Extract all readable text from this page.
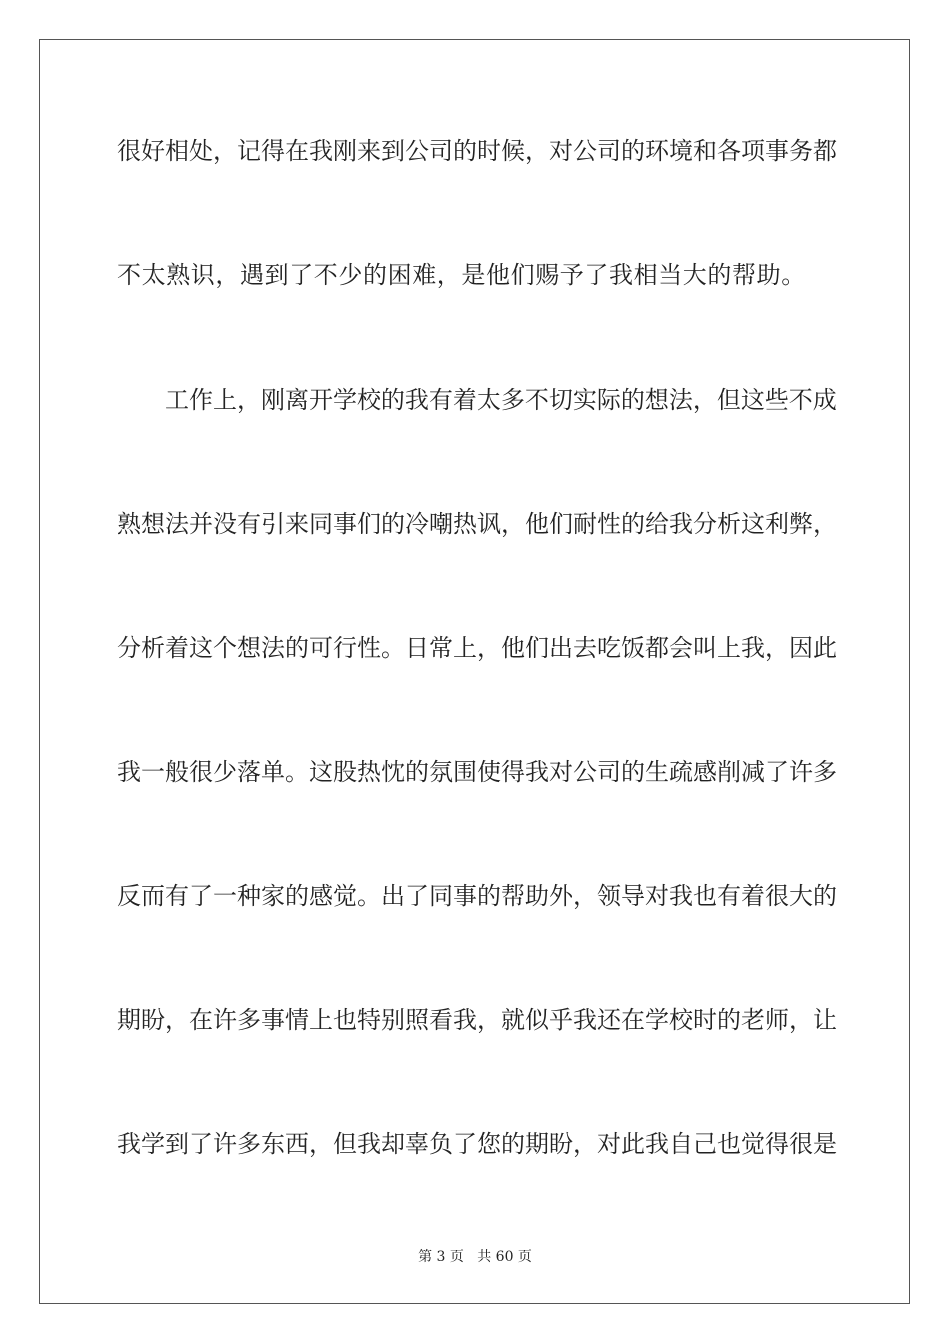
很好相处，记得在我刚来到公司的时候，对公司的环境和各项事务都
不太熟识，遇到了不少的困难，是他们赐予了我相当大的帮助。
工作上，刚离开学校的我有着太多不切实际的想法，但这些不成
熟想法并没有引来同事们的冷嘲热讽，他们耐性的给我分析这利弊，
分析着这个想法的可行性。日常上，他们出去吃饭都会叫上我，因此
我一般很少落单。这股热忱的氛围使得我对公司的生疏感削减了许多
反而有了一种家的感觉。出了同事的帮助外，领导对我也有着很大的
期盼，在许多事情上也特别照看我，就似乎我还在学校时的老师，让
我学到了许多东西，但我却辜负了您的期盼，对此我自己也觉得很是
第 3 页   共 60 页
